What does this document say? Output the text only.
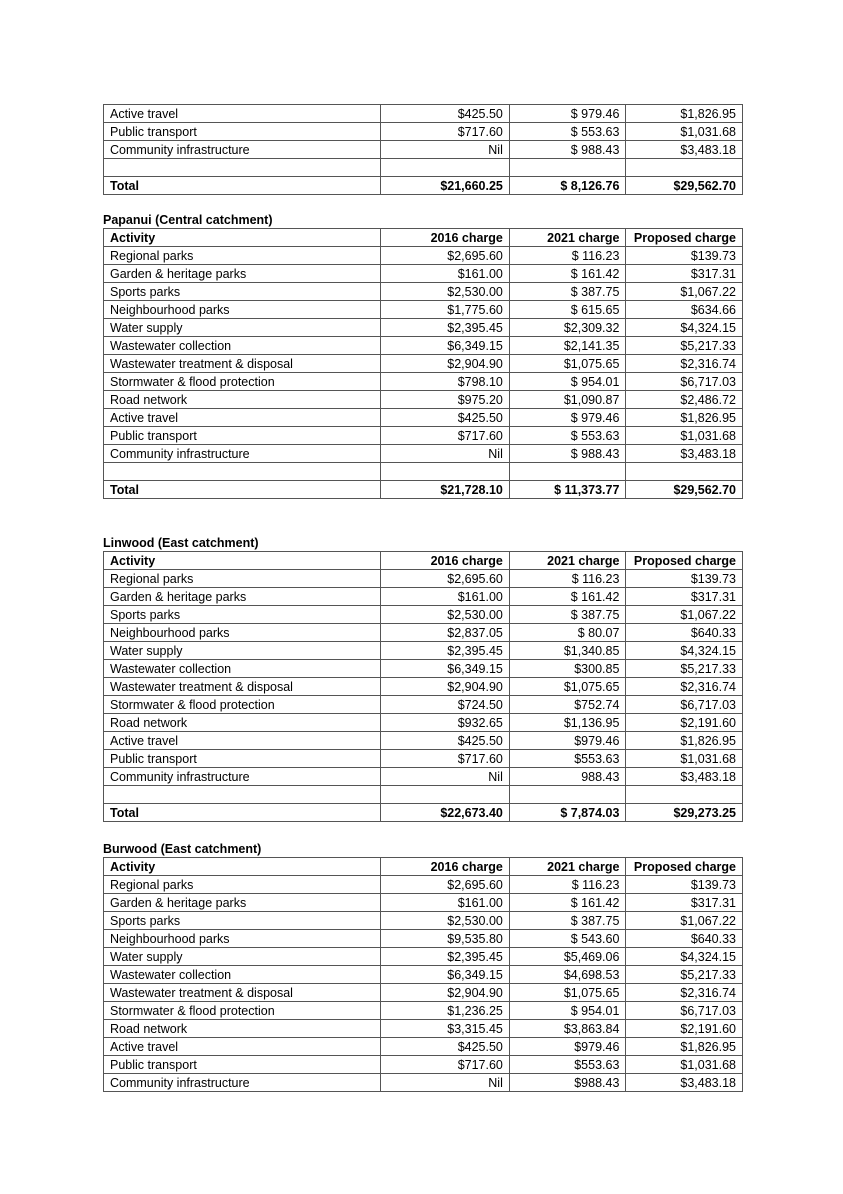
Active travel	$425.50	$ 979.46	$1,826.95
Public transport	$717.60	$ 553.63	$1,031.68
Community infrastructure	Nil	$ 988.43	$3,483.18

Total	$21,660.25	$ 8,126.76	$29,562.70
Papanui (Central catchment)
Activity	2016 charge	2021 charge	Proposed charge
Regional parks	$2,695.60	$ 116.23	$139.73
Garden & heritage parks	$161.00	$ 161.42	$317.31
Sports parks	$2,530.00	$ 387.75	$1,067.22
Neighbourhood parks	$1,775.60	$ 615.65	$634.66
Water supply	$2,395.45	$2,309.32	$4,324.15
Wastewater collection	$6,349.15	$2,141.35	$5,217.33
Wastewater treatment & disposal	$2,904.90	$1,075.65	$2,316.74
Stormwater & flood protection	$798.10	$ 954.01	$6,717.03
Road network	$975.20	$1,090.87	$2,486.72
Active travel	$425.50	$ 979.46	$1,826.95
Public transport	$717.60	$ 553.63	$1,031.68
Community infrastructure	Nil	$ 988.43	$3,483.18

Total	$21,728.10	$ 11,373.77	$29,562.70
Linwood (East catchment)
Activity	2016 charge	2021 charge	Proposed charge
Regional parks	$2,695.60	$ 116.23	$139.73
Garden & heritage parks	$161.00	$ 161.42	$317.31
Sports parks	$2,530.00	$ 387.75	$1,067.22
Neighbourhood parks	$2,837.05	$ 80.07	$640.33
Water supply	$2,395.45	$1,340.85	$4,324.15
Wastewater collection	$6,349.15	$300.85	$5,217.33
Wastewater treatment & disposal	$2,904.90	$1,075.65	$2,316.74
Stormwater & flood protection	$724.50	$752.74	$6,717.03
Road network	$932.65	$1,136.95	$2,191.60
Active travel	$425.50	$979.46	$1,826.95
Public transport	$717.60	$553.63	$1,031.68
Community infrastructure	Nil	988.43	$3,483.18

Total	$22,673.40	$ 7,874.03	$29,273.25
Burwood (East catchment)
Activity	2016 charge	2021 charge	Proposed charge
Regional parks	$2,695.60	$ 116.23	$139.73
Garden & heritage parks	$161.00	$ 161.42	$317.31
Sports parks	$2,530.00	$ 387.75	$1,067.22
Neighbourhood parks	$9,535.80	$ 543.60	$640.33
Water supply	$2,395.45	$5,469.06	$4,324.15
Wastewater collection	$6,349.15	$4,698.53	$5,217.33
Wastewater treatment & disposal	$2,904.90	$1,075.65	$2,316.74
Stormwater & flood protection	$1,236.25	$ 954.01	$6,717.03
Road network	$3,315.45	$3,863.84	$2,191.60
Active travel	$425.50	$979.46	$1,826.95
Public transport	$717.60	$553.63	$1,031.68
Community infrastructure	Nil	$988.43	$3,483.18
